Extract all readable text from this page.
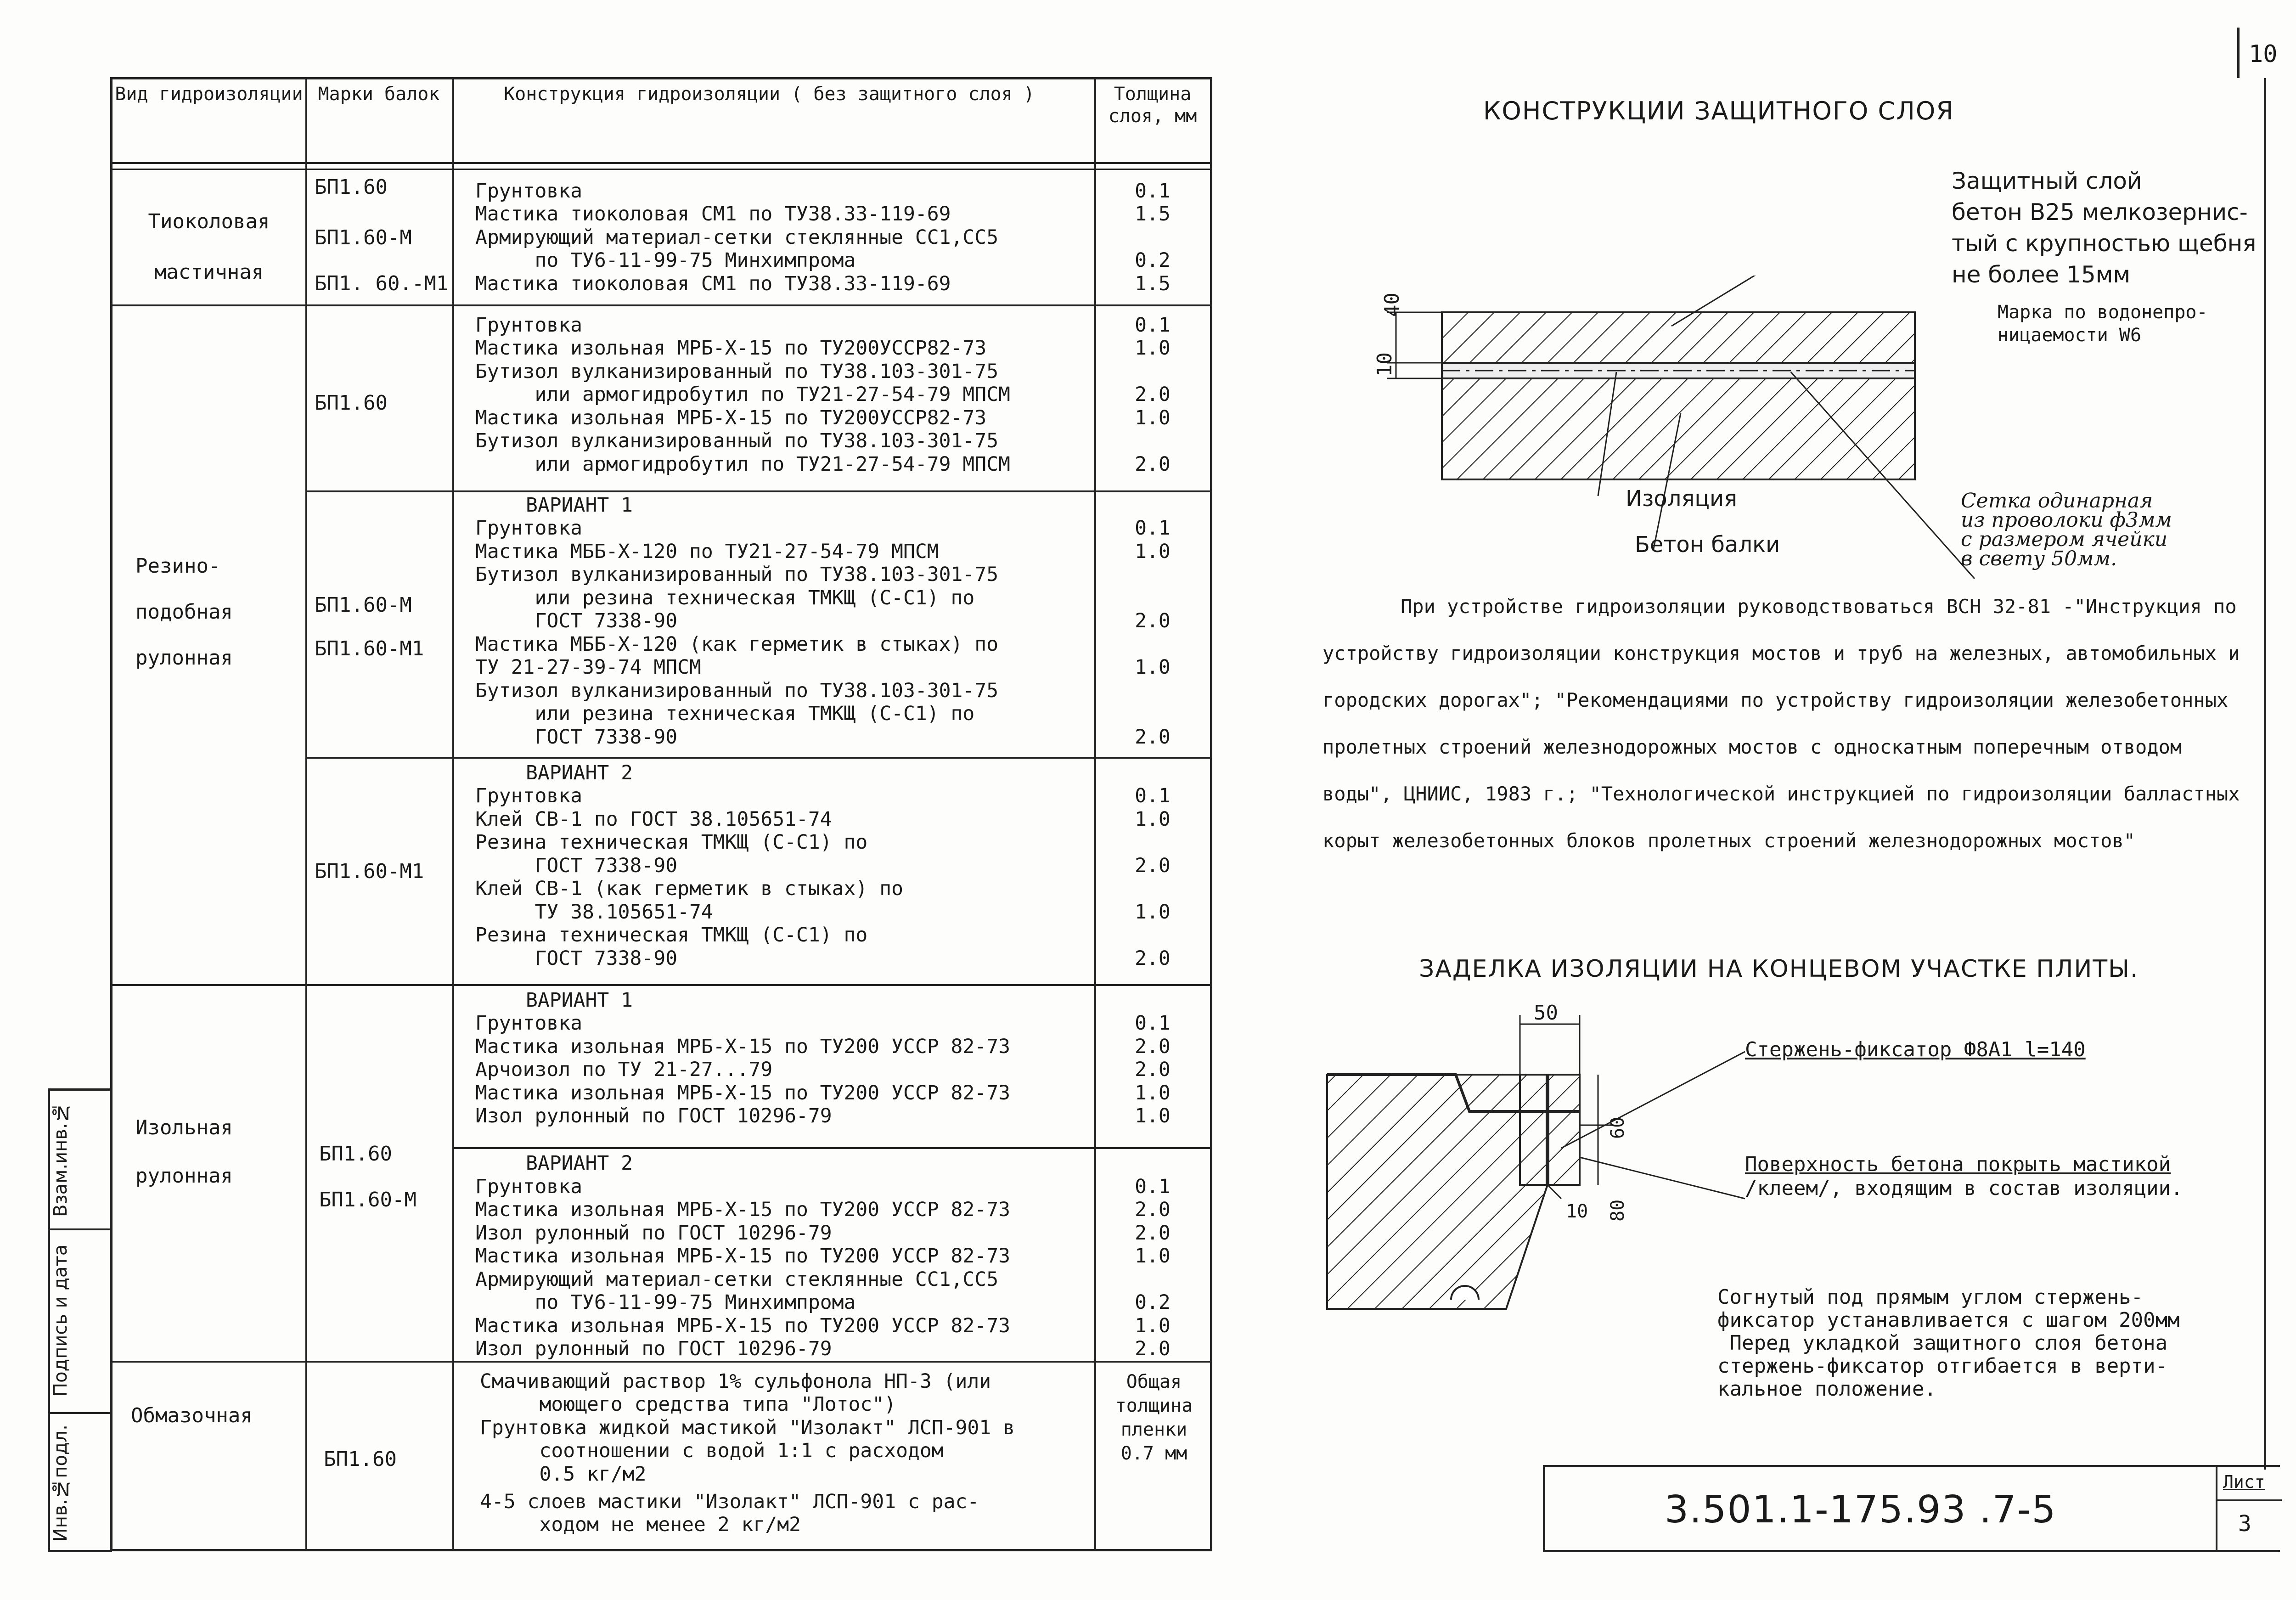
10
Вид гидроизоляции Марки балок	Конструкция гидроизоляции ( без защитного слоя )	Толщина слоя, мм
Тиоколовая мастичная
БП1.60
БП1.60-М
БП1. 60.-М1
Грунтовка
Мастика тиоколовая СМ1 по ТУ38.33-119-69
Армирующий материал-сетки стеклянные СС1,СС5
по ТУ6-11-99-75 Минхимпрома
Мастика тиоколовая СМ1 по ТУ38.33-119-69
0.1
1.5
0.2
1.5
БП1.60
Грунтовка
Мастика изольная МРБ-Х-15 по ТУ200УССР82-73
Бутизол вулканизированный по ТУ38.103-301-75
или армогидробутил по ТУ21-27-54-79 МПСМ
Мастика изольная МРБ-Х-15 по ТУ200УССР82-73
Бутизол вулканизированный по ТУ38.103-301-75
или армогидробутил по ТУ21-27-54-79 МПСМ
0.1
1.0
2.0
1.0
2.0
Резино- подобная рулонная
БП1.60-М
БП1.60-М1
ВАРИАНТ 1
Грунтовка
Мастика МББ-Х-120 по ТУ21-27-54-79 МПСМ
Бутизол вулканизированный по ТУ38.103-301-75
или резина техническая ТМКЩ (С-С1) по
ГОСТ 7338-90
Мастика МББ-Х-120 (как герметик в стыках) по
ТУ 21-27-39-74 МПСМ
Бутизол вулканизированный по ТУ38.103-301-75
или резина техническая ТМКЩ (С-С1) по
ГОСТ 7338-90
0.1
1.0
2.0
1.0
2.0
БП1.60-М1
ВАРИАНТ 2
Грунтовка
Клей СВ-1 по ГОСТ 38.105651-74
Резина техническая ТМКЩ (С-С1) по
ГОСТ 7338-90
Клей СВ-1 (как герметик в стыках) по
ТУ 38.105651-74
Резина техническая ТМКЩ (С-С1) по
ГОСТ 7338-90
0.1
1.0
2.0
1.0
2.0
Изольная рулонная
БП1.60
БП1.60-М
ВАРИАНТ 1
Грунтовка
Мастика изольная МРБ-Х-15 по ТУ200 УССР 82-73
Арчоизол по ТУ 21-27...79
Мастика изольная МРБ-Х-15 по ТУ200 УССР 82-73
Изол рулонный по ГОСТ 10296-79
0.1
2.0
2.0
1.0
1.0
ВАРИАНТ 2
Грунтовка
Мастика изольная МРБ-Х-15 по ТУ200 УССР 82-73
Изол рулонный по ГОСТ 10296-79
Мастика изольная МРБ-Х-15 по ТУ200 УССР 82-73
Армирующий материал-сетки стеклянные СС1,СС5
по ТУ6-11-99-75 Минхимпрома
Мастика изольная МРБ-Х-15 по ТУ200 УССР 82-73
Изол рулонный по ГОСТ 10296-79
0.1
2.0
2.0
1.0
0.2
1.0
2.0
Обмазочная
БП1.60
Смачивающий раствор 1% сульфонола НП-3 (или
моющего средства типа "Лотос")
Грунтовка жидкой мастикой "Изолакт" ЛСП-901 в
соотношении с водой 1:1 с расходом
0.5 кг/м2
4-5 слоев мастики "Изолакт" ЛСП-901 с рас-
ходом не менее 2 кг/м2
Общая толщина пленки 0.7 мм
Инв.№подл.
Подпись и дата
Взам.инв.№
КОНСТРУКЦИИ ЗАЩИТНОГО СЛОЯ
40
10
Защитный слой
бетон В25 мелкозернис-
тый с крупностью щебня
не более 15мм
Марка по водонепро-
ницаемости W6
Изоляция
Бетон балки
Сетка одинарная
из проволоки ф3мм
с размером ячейки
в свету 50мм.
При устройстве гидроизоляции руководствоваться ВСН 32-81 -"Инструкция по устройству гидроизоляции конструкция мостов и труб на железных, автомобильных и городских дорогах"; "Рекомендациями по устройству гидроизоляции железобетонных пролетных строений железнодорожных мостов с односкатным поперечным отводом воды", ЦНИИС, 1983 г.; "Технологической инструкцией по гидроизоляции балластных корыт железобетонных блоков пролетных строений железнодорожных мостов"
ЗАДЕЛКА ИЗОЛЯЦИИ НА КОНЦЕВОМ УЧАСТКЕ ПЛИТЫ.
50
60
80
10
Стержень-фиксатор Ф8А1 l=140
Поверхность бетона покрыть мастикой
/клеем/, входящим в состав изоляции.
Согнутый под прямым углом стержень-
фиксатор устанавливается с шагом 200мм
Перед укладкой защитного слоя бетона
стержень-фиксатор отгибается в верти-
кальное положение.
3.501.1-175.93 .7-5
Лист
3
